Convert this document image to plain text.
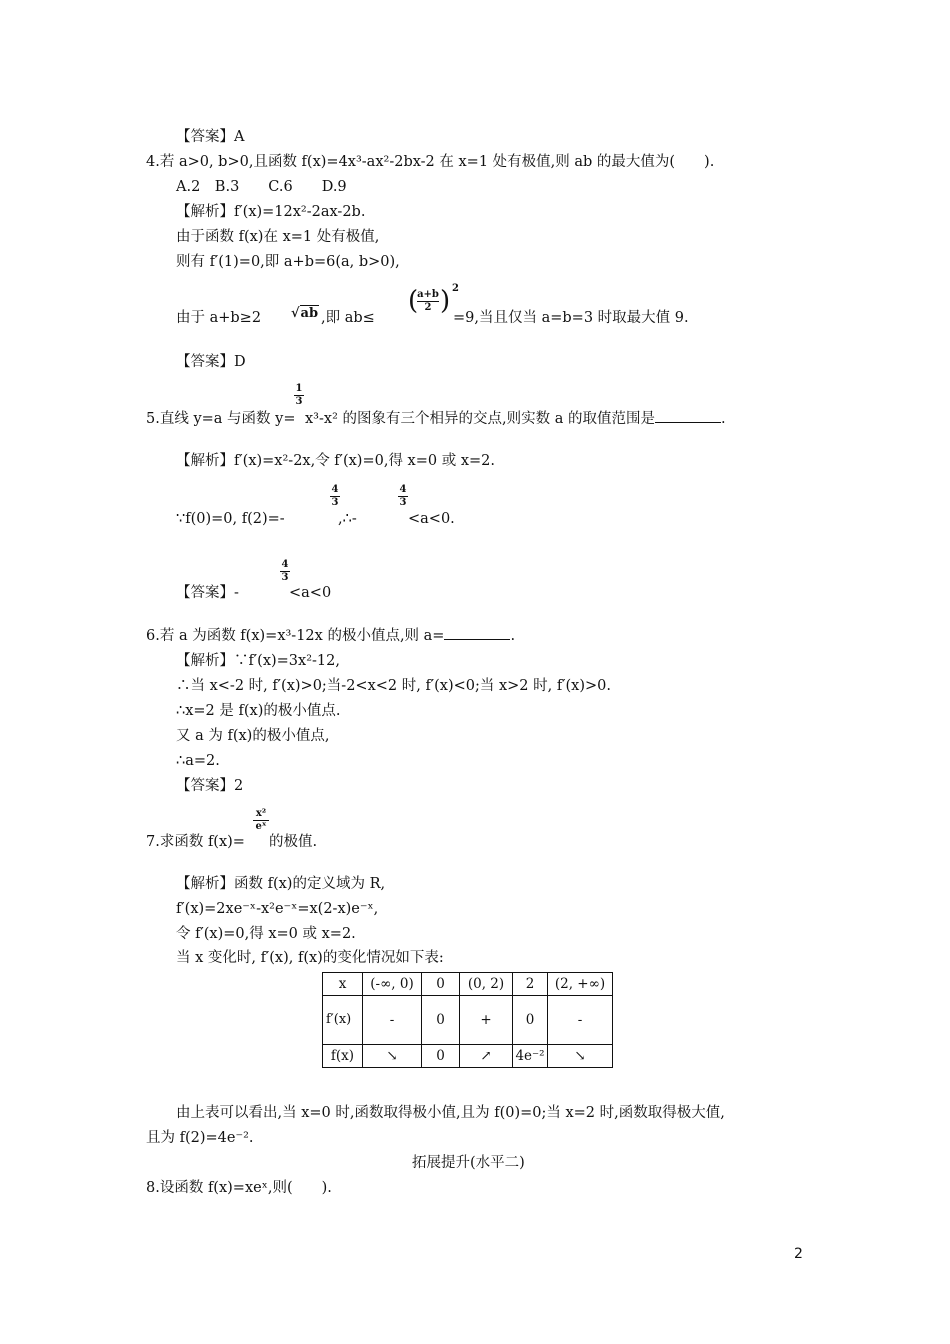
【答案】A
4.若 a>0, b>0,且函数 f(x)=4x³-ax²-2bx-2 在 x=1 处有极值,则 ab 的最大值为(　　).
A.2　B.3　　C.6　　D.9
【解析】f′(x)=12x²-2ax-2b.
由于函数 f(x)在 x=1 处有极值,
则有 f′(1)=0,即 a+b=6(a, b>0),
由于 a+b≥2 √ab ,即 ab≤
(
a+b
2 ) 2
=9,当且仅当 a=b=3 时取最大值 9.
【答案】D
5.直线 y=a 与函数 y=
1
3
x³-x² 的图象有三个相异的交点,则实数 a 的取值范围是	.
【解析】f′(x)=x²-2x,令 f′(x)=0,得 x=0 或 x=2.
∵f(0)=0, f(2)=-
4
3
,∴-
4
3
<a<0.
【答案】-
4
3
<a<0
6.若 a 为函数 f(x)=x³-12x 的极小值点,则 a=	.
【解析】∵f′(x)=3x²-12,
∴当 x<-2 时, f′(x)>0;当-2<x<2 时, f′(x)<0;当 x>2 时, f′(x)>0.
∴x=2 是 f(x)的极小值点.
又 a 为 f(x)的极小值点,
∴a=2.
【答案】2
7.求函数 f(x)=
x²
eˣ
的极值.
【解析】函数 f(x)的定义域为 R,
f′(x)=2xe⁻ˣ-x²e⁻ˣ=x(2-x)e⁻ˣ,
令 f′(x)=0,得 x=0 或 x=2.
当 x 变化时, f′(x), f(x)的变化情况如下表:
x	(-∞, 0)	0	(0, 2)	2	(2, +∞)
f′(x)	-	0	+	0	-
f(x)	↘	0	↗	4e⁻²	↘
由上表可以看出,当 x=0 时,函数取得极小值,且为 f(0)=0;当 x=2 时,函数取得极大值,
且为 f(2)=4e⁻².
拓展提升(水平二)
8.设函数 f(x)=xeˣ,则(　　).
2
